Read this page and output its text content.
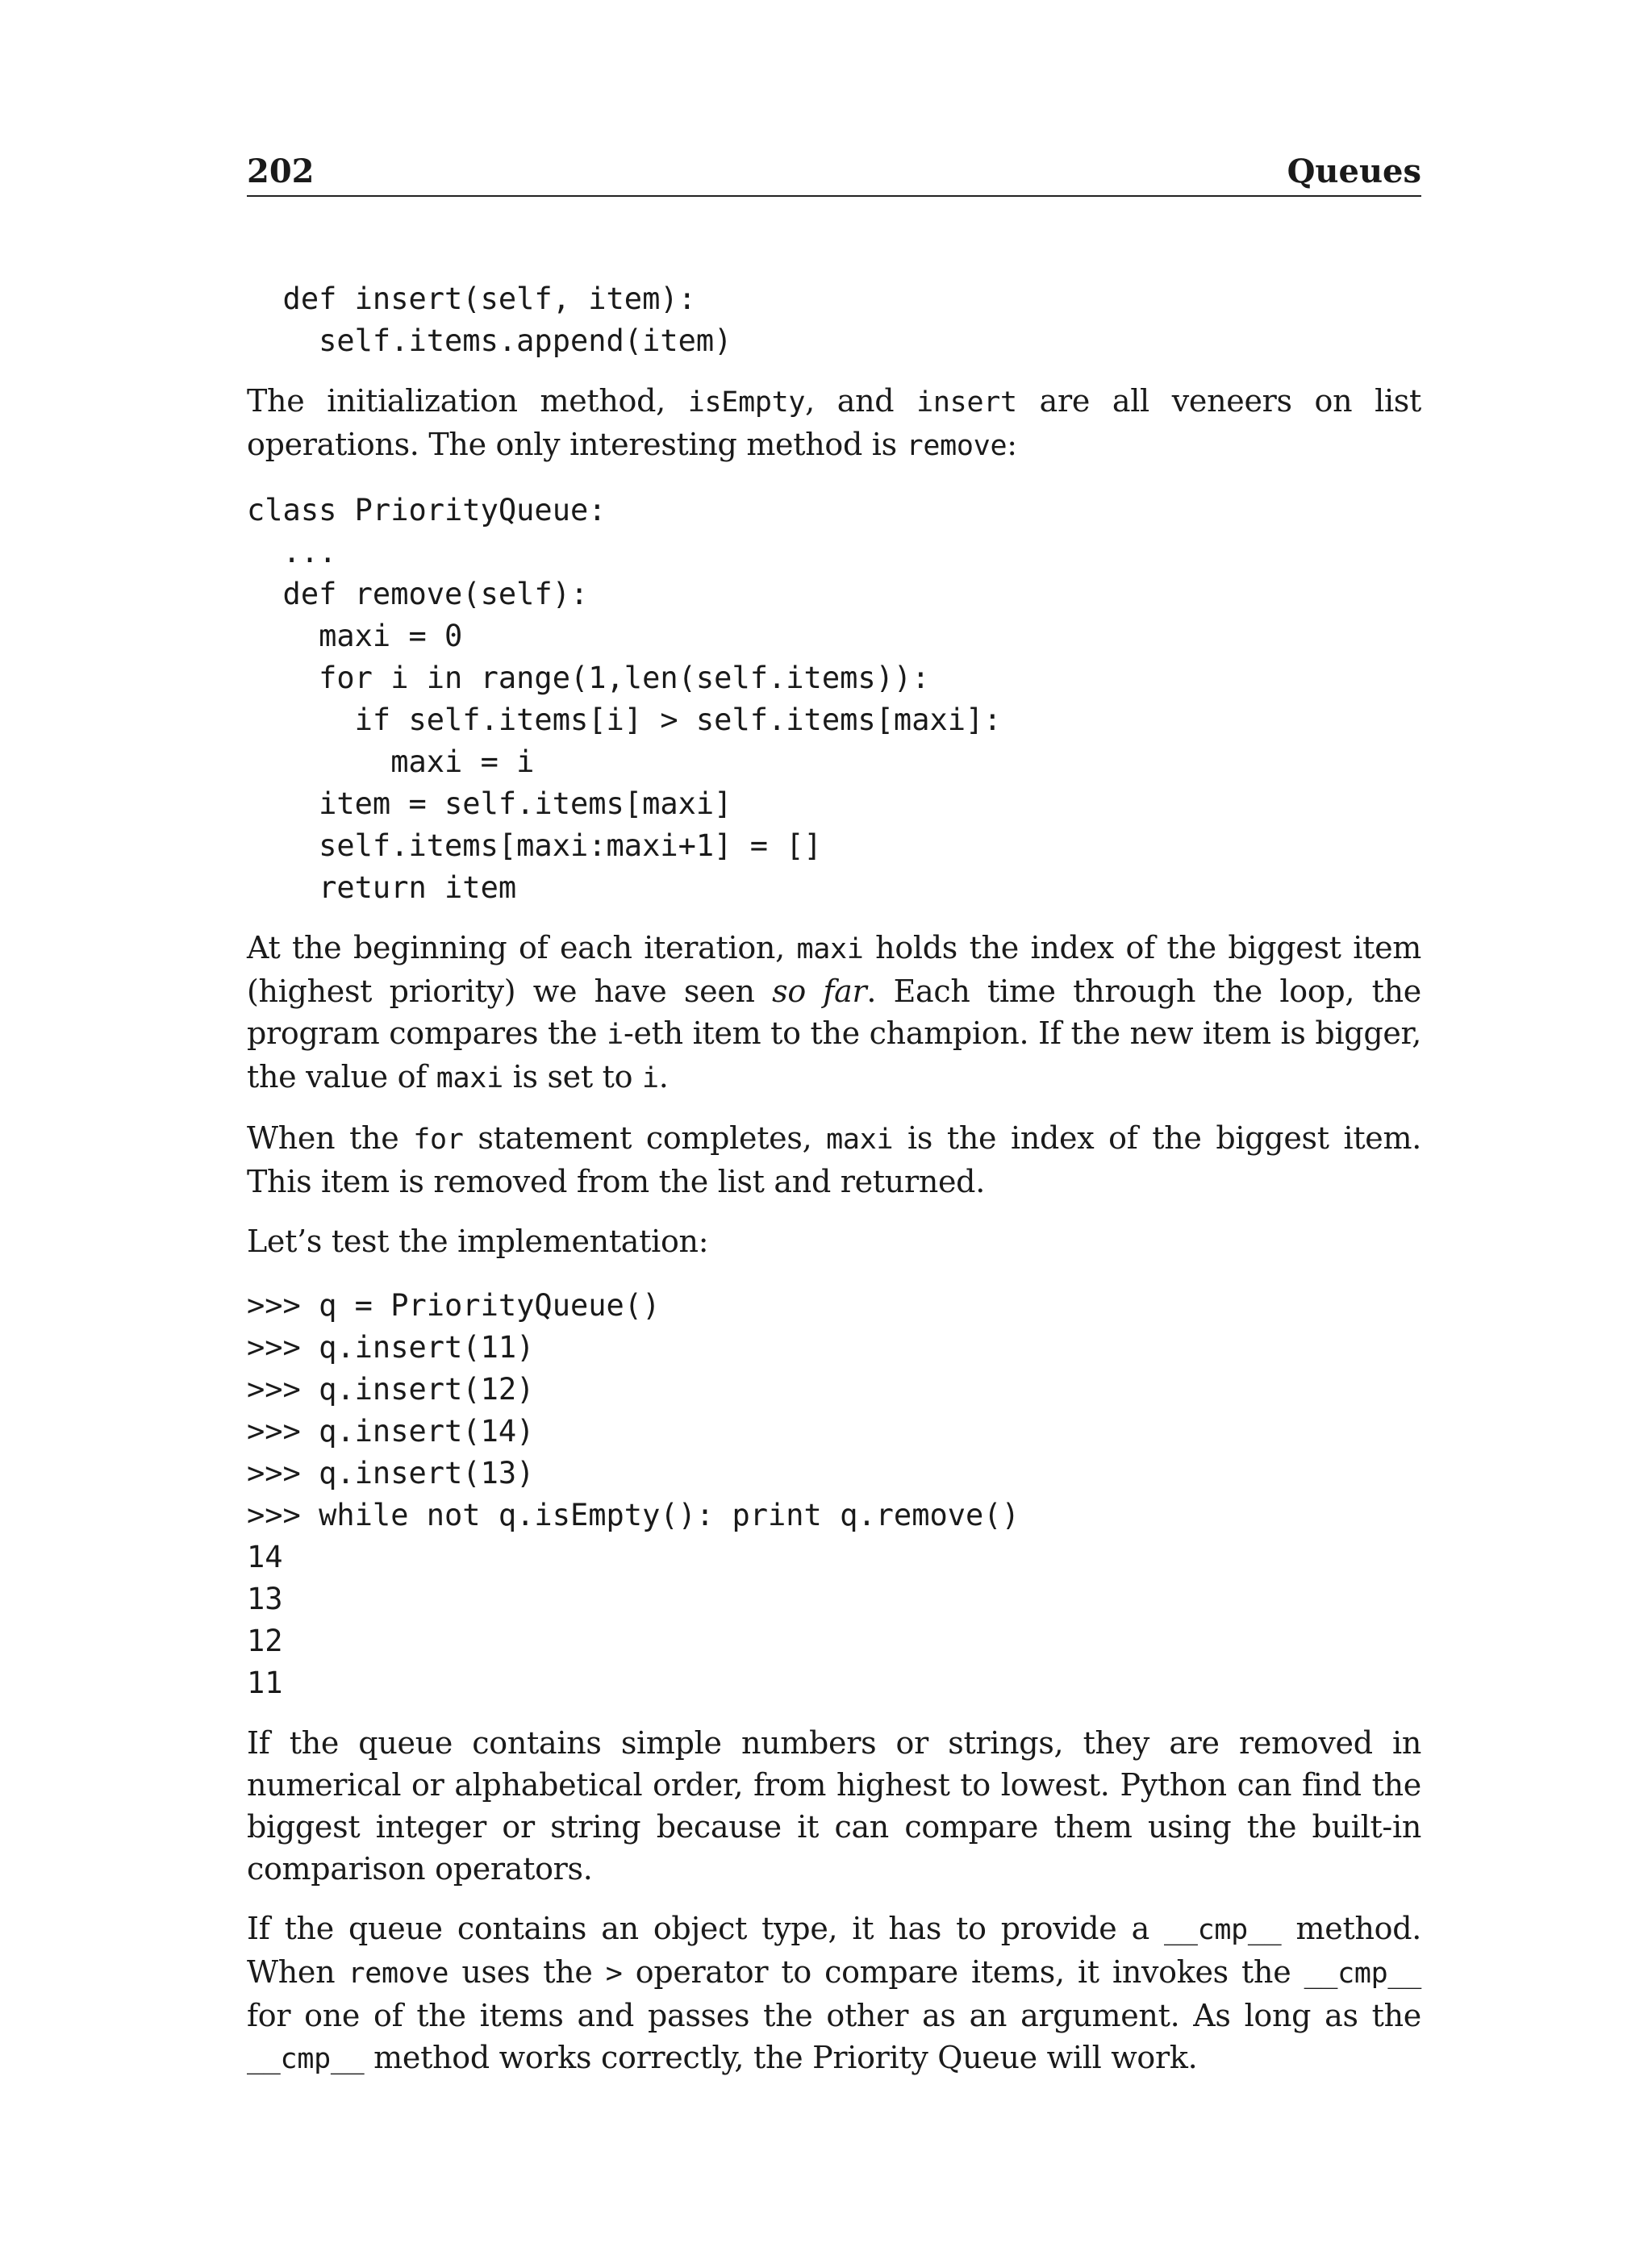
202	Queues
def insert(self, item):
self.items.append(item)

The initialization method, isEmpty, and insert are all veneers on list operations. The only interesting method is remove:

class PriorityQueue:
...
def remove(self):
maxi = 0
for i in range(1,len(self.items)):
if self.items[i] > self.items[maxi]:
maxi = i
item = self.items[maxi]
self.items[maxi:maxi+1] = []
return item

At the beginning of each iteration, maxi holds the index of the biggest item (highest priority) we have seen so far. Each time through the loop, the program compares the i-eth item to the champion. If the new item is bigger, the value of maxi is set to i.

When the for statement completes, maxi is the index of the biggest item. This item is removed from the list and returned.

Let’s test the implementation:

>>> q = PriorityQueue()
>>> q.insert(11)
>>> q.insert(12)
>>> q.insert(14)
>>> q.insert(13)
>>> while not q.isEmpty(): print q.remove()
14
13
12
11

If the queue contains simple numbers or strings, they are removed in numerical or alphabetical order, from highest to lowest. Python can find the biggest integer or string because it can compare them using the built-in comparison operators.

If the queue contains an object type, it has to provide a __cmp__ method. When remove uses the > operator to compare items, it invokes the __cmp__ for one of the items and passes the other as an argument. As long as the __cmp__ method works correctly, the Priority Queue will work.
